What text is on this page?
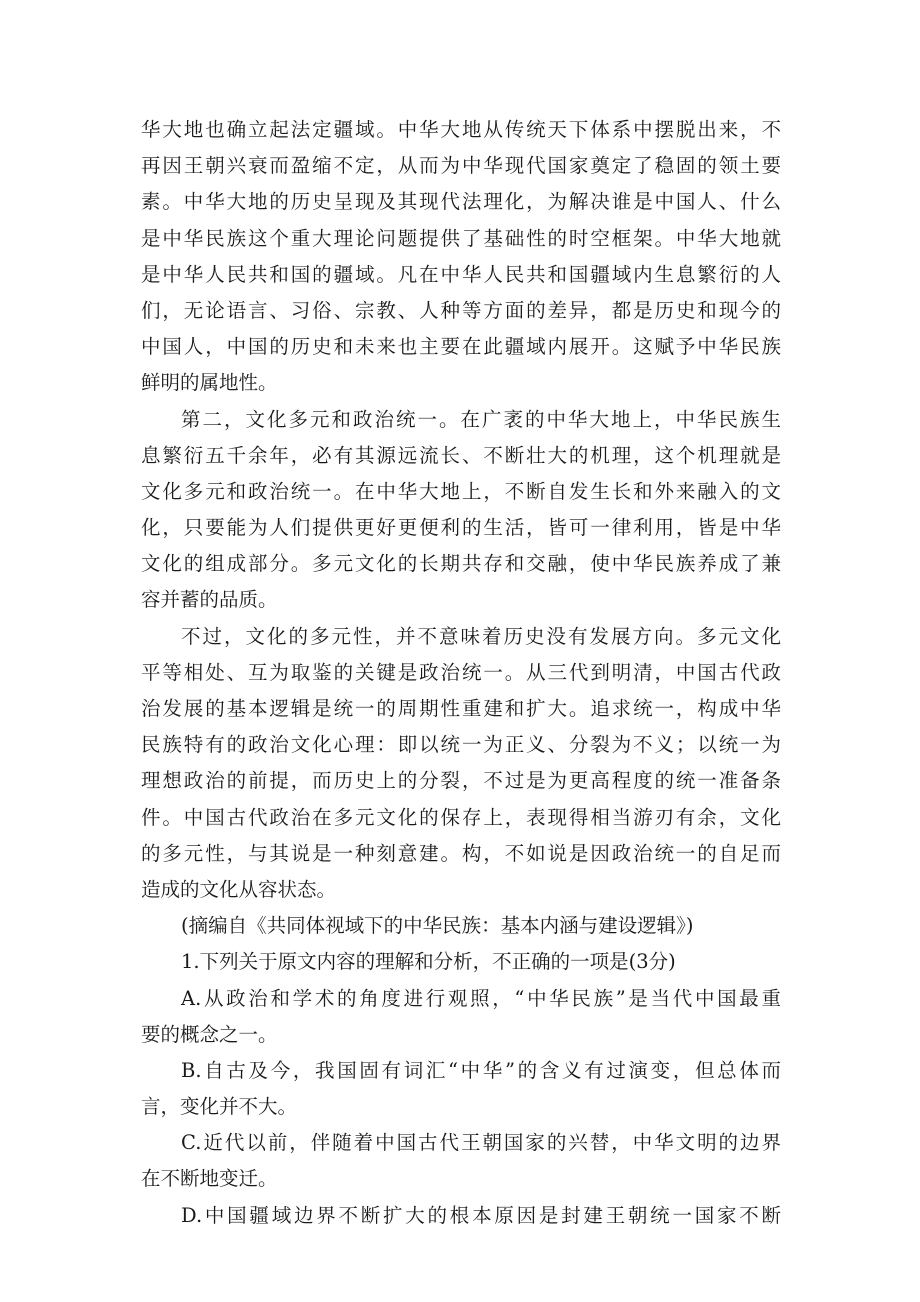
华大地也确立起法定疆域。中华大地从传统天下体系中摆脱出来，不
再因王朝兴衰而盈缩不定，从而为中华现代国家奠定了稳固的领土要
素。中华大地的历史呈现及其现代法理化，为解决谁是中国人、什么
是中华民族这个重大理论问题提供了基础性的时空框架。中华大地就
是中华人民共和国的疆域。凡在中华人民共和国疆域内生息繁衍的人
们，无论语言、习俗、宗教、人种等方面的差异，都是历史和现今的
中国人，中国的历史和未来也主要在此疆域内展开。这赋予中华民族
鲜明的属地性。
第二，文化多元和政治统一。在广袤的中华大地上，中华民族生
息繁衍五千余年，必有其源远流长、不断壮大的机理，这个机理就是
文化多元和政治统一。在中华大地上，不断自发生长和外来融入的文
化，只要能为人们提供更好更便利的生活，皆可一律利用，皆是中华
文化的组成部分。多元文化的长期共存和交融，使中华民族养成了兼
容并蓄的品质。
不过，文化的多元性，并不意味着历史没有发展方向。多元文化
平等相处、互为取鉴的关键是政治统一。从三代到明清，中国古代政
治发展的基本逻辑是统一的周期性重建和扩大。追求统一，构成中华
民族特有的政治文化心理：即以统一为正义、分裂为不义；以统一为
理想政治的前提，而历史上的分裂，不过是为更高程度的统一准备条
件。中国古代政治在多元文化的保存上，表现得相当游刃有余，文化
的多元性，与其说是一种刻意建。构，不如说是因政治统一的自足而
造成的文化从容状态。
(摘编自《共同体视域下的中华民族：基本内涵与建设逻辑》)
1.下列关于原文内容的理解和分析，不正确的一项是(3分)
A.从政治和学术的角度进行观照，“中华民族”是当代中国最重
要的概念之一。
B.自古及今，我国固有词汇“中华”的含义有过演变，但总体而
言，变化并不大。
C.近代以前，伴随着中国古代王朝国家的兴替，中华文明的边界
在不断地变迁。
D.中国疆域边界不断扩大的根本原因是封建王朝统一国家不断
